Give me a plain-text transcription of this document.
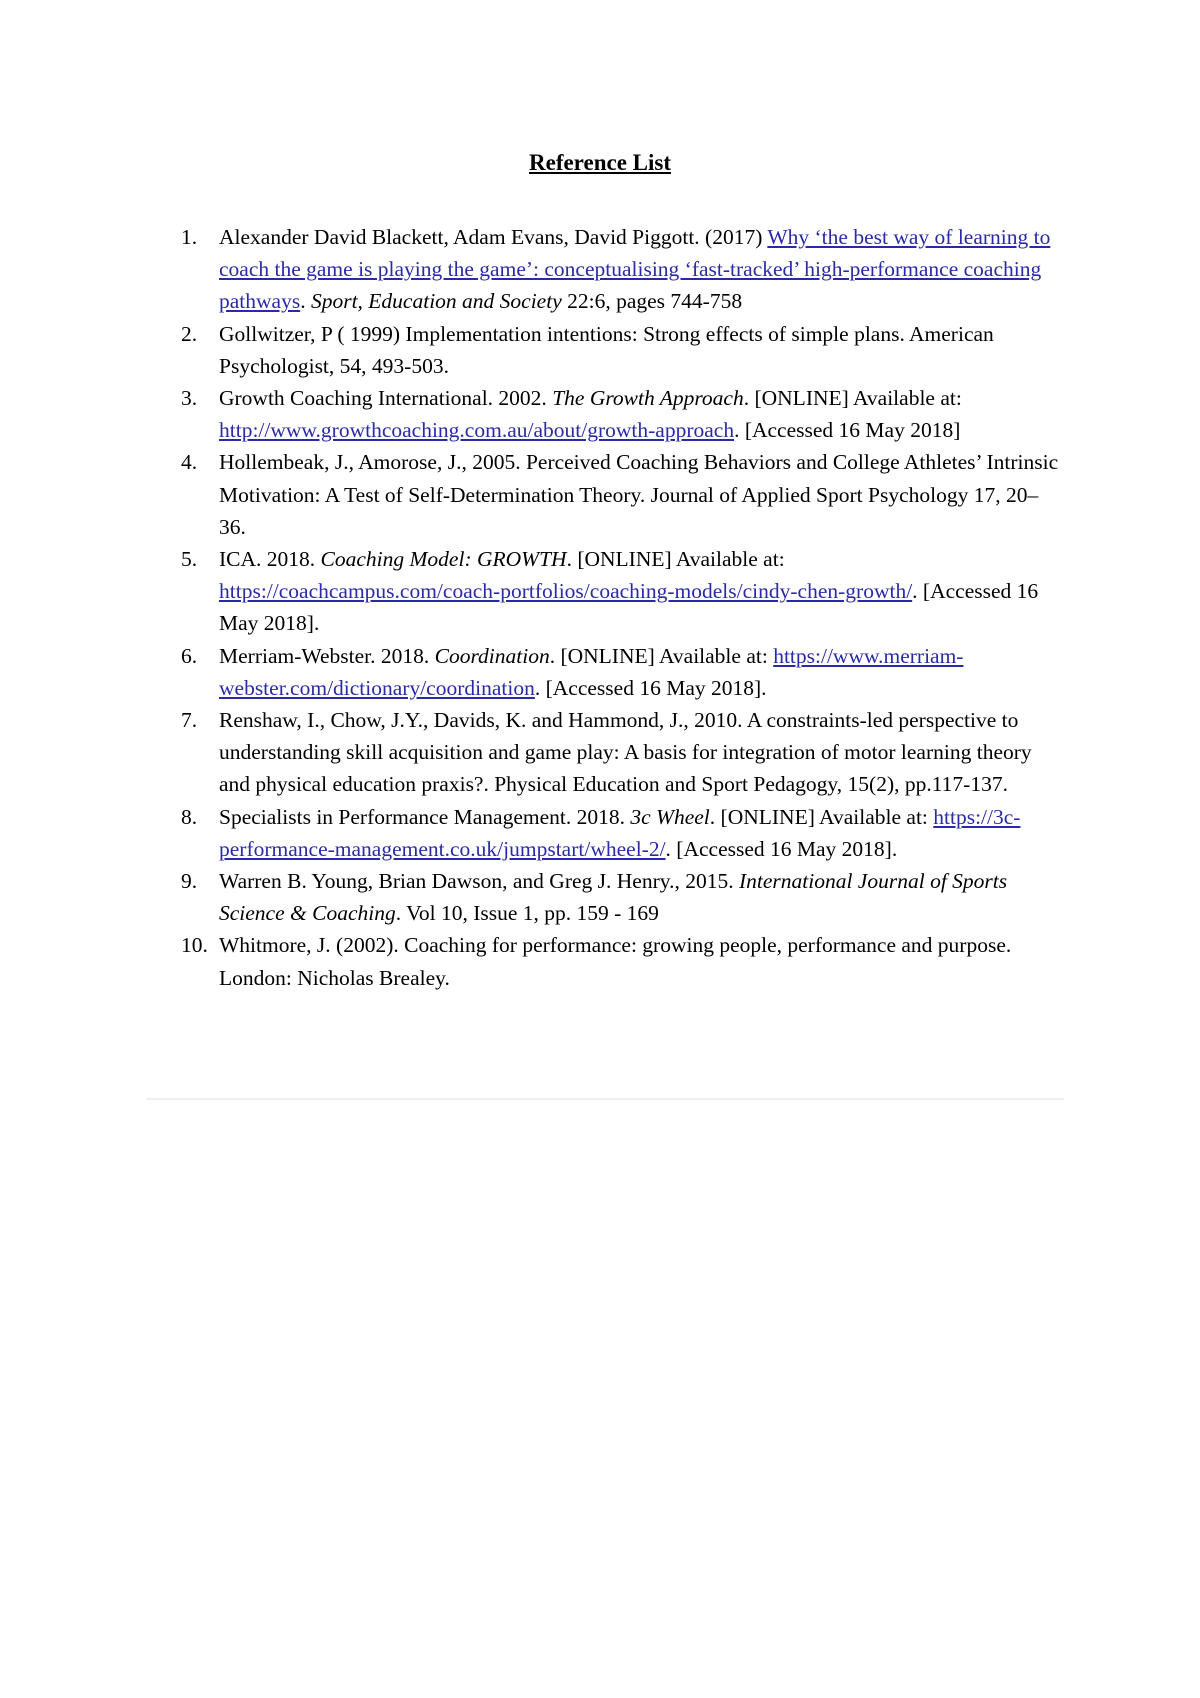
Reference List
1.	Alexander David Blackett, Adam Evans, David Piggott. (2017) Why ‘the best way of learning to coach the game is playing the game’: conceptualising ‘fast-tracked’ high-performance coaching pathways. Sport, Education and Society 22:6, pages 744-758
2.	Gollwitzer, P ( 1999) Implementation intentions: Strong effects of simple plans. American Psychologist, 54, 493-503.
3.	Growth Coaching International. 2002. The Growth Approach. [ONLINE] Available at: http://www.growthcoaching.com.au/about/growth-approach. [Accessed 16 May 2018]
4.	Hollembeak, J., Amorose, J., 2005. Perceived Coaching Behaviors and College Athletes’ Intrinsic Motivation: A Test of Self-Determination Theory. Journal of Applied Sport Psychology 17, 20–36.
5.	ICA. 2018. Coaching Model: GROWTH. [ONLINE] Available at: https://coachcampus.com/coach-portfolios/coaching-models/cindy-chen-growth/. [Accessed 16 May 2018].
6.	Merriam-Webster. 2018. Coordination. [ONLINE] Available at: https://www.merriam-webster.com/dictionary/coordination. [Accessed 16 May 2018].
7.	Renshaw, I., Chow, J.Y., Davids, K. and Hammond, J., 2010. A constraints-led perspective to understanding skill acquisition and game play: A basis for integration of motor learning theory and physical education praxis?. Physical Education and Sport Pedagogy, 15(2), pp.117-137.
8.	Specialists in Performance Management. 2018. 3c Wheel. [ONLINE] Available at: https://3c-performance-management.co.uk/jumpstart/wheel-2/. [Accessed 16 May 2018].
9.	Warren B. Young, Brian Dawson, and Greg J. Henry., 2015. International Journal of Sports Science & Coaching. Vol 10, Issue 1, pp. 159 - 169
10. Whitmore, J. (2002). Coaching for performance: growing people, performance and purpose. London: Nicholas Brealey.
